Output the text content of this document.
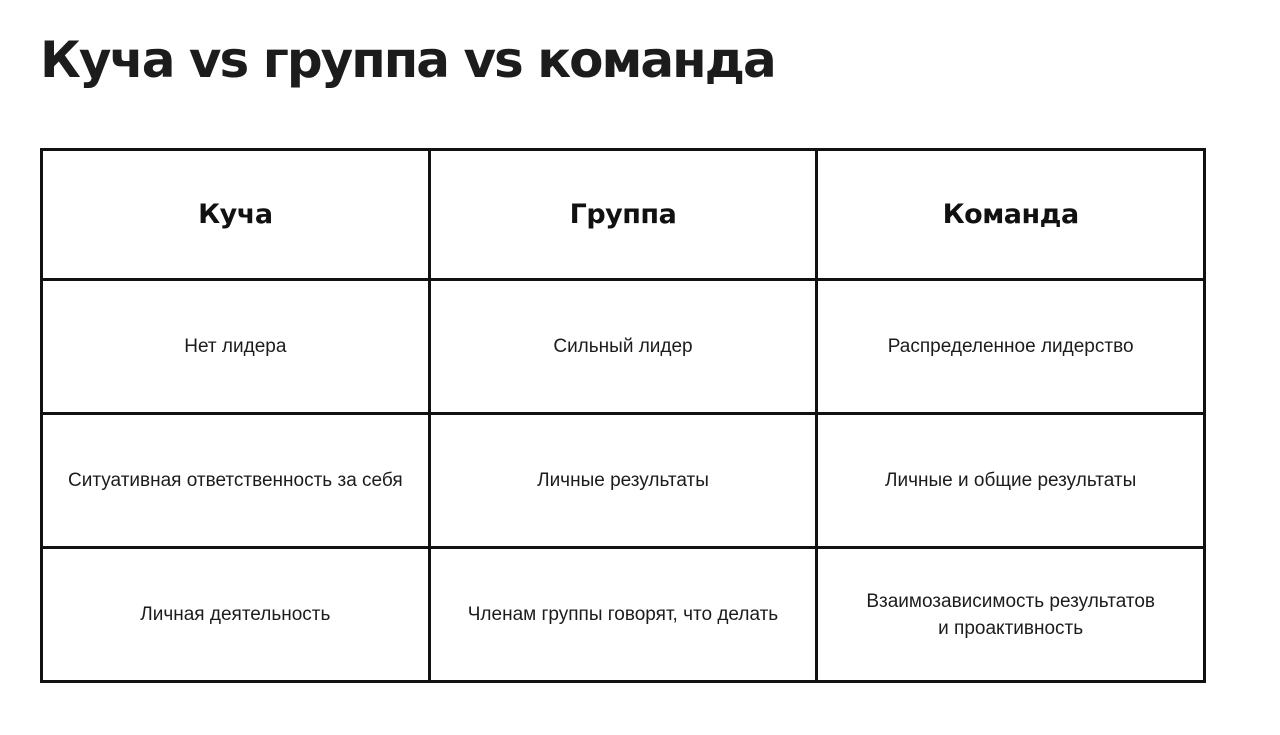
Куча vs группа vs команда
Куча	Группа	Команда

Нет лидера	Сильный лидер	Распределенное лидерство

Ситуативная ответственность за себя	Личные результаты	Личные и общие результаты

Личная деятельность	Членам группы говорят, что делать	Взаимозависимость результатов
и проактивность
